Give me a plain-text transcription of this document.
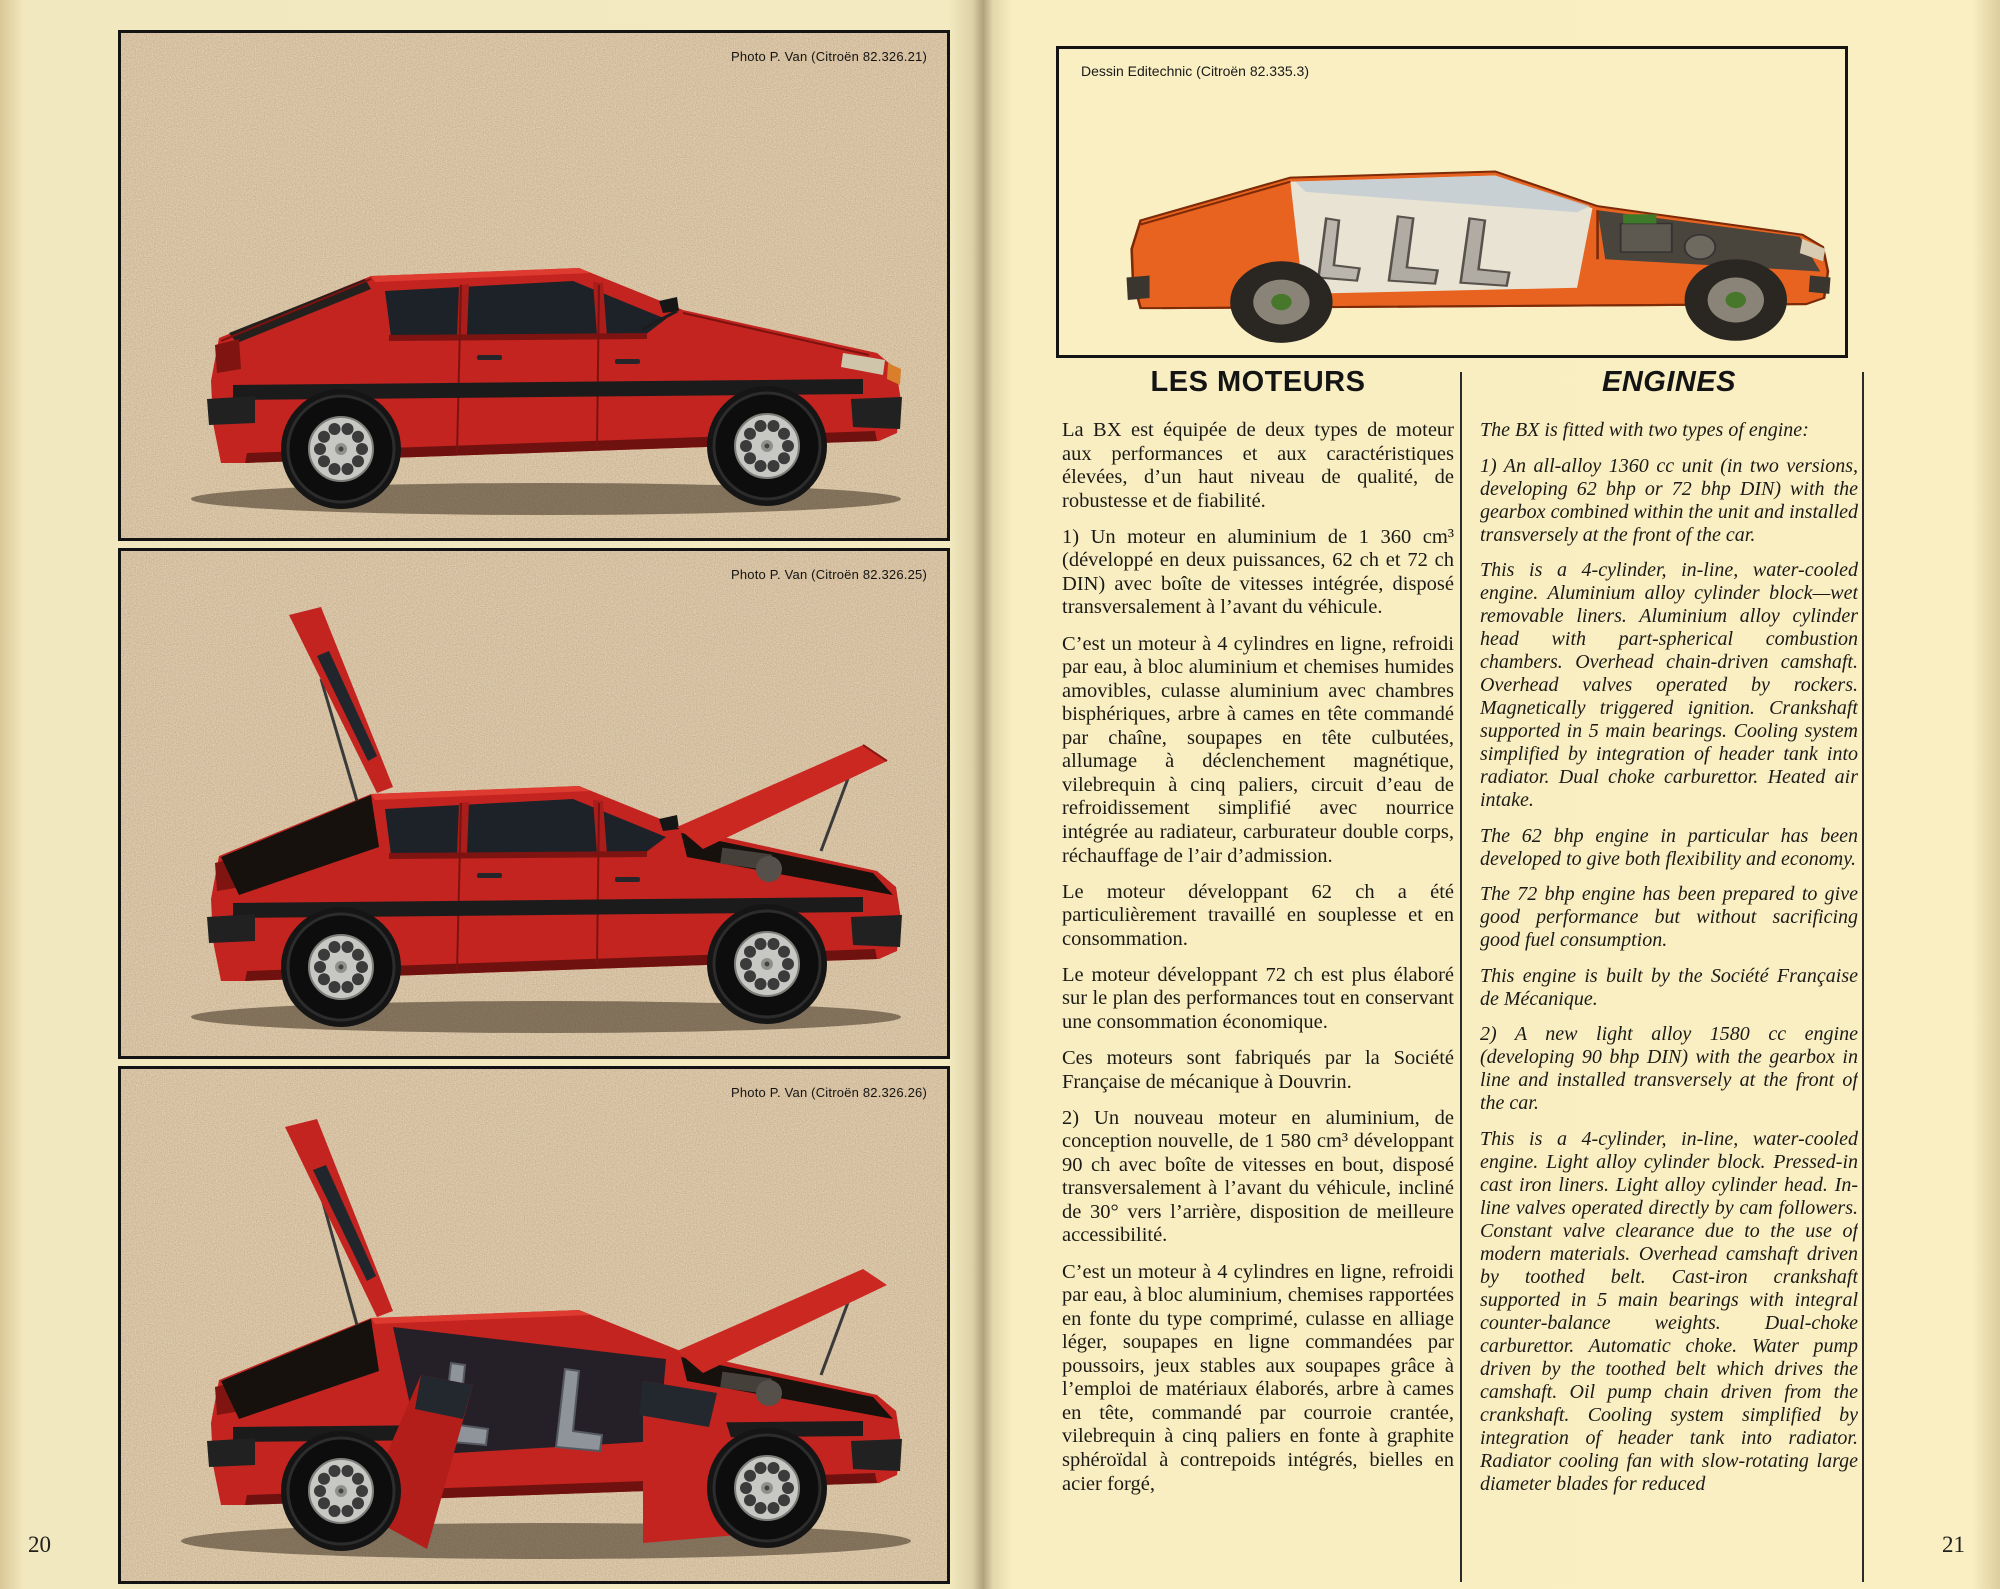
Photo P. Van (Citroën 82.326.21)
Photo P. Van (Citroën 82.326.25)
Photo P. Van (Citroën 82.326.26)
20
Dessin Editechnic (Citroën 82.335.3)
LES MOTEURS

La BX est équipée de deux types de moteur aux performances et aux caractéristiques élevées, d’un haut niveau de qualité, de robustesse et de fiabilité.

1) Un moteur en aluminium de 1 360 cm³ (développé en deux puissances, 62 ch et 72 ch DIN) avec boîte de vitesses intégrée, disposé transversalement à l’avant du véhicule.

C’est un moteur à 4 cylindres en ligne, refroidi par eau, à bloc aluminium et chemises humides amovibles, culasse aluminium avec chambres bisphériques, arbre à cames en tête commandé par chaîne, soupapes en tête culbutées, allumage à déclenchement magnétique, vilebrequin à cinq paliers, circuit d’eau de refroidissement simplifié avec nourrice intégrée au radiateur, carburateur double corps, réchauffage de l’air d’admission.

Le moteur développant 62 ch a été particulièrement travaillé en souplesse et en consommation.

Le moteur développant 72 ch est plus élaboré sur le plan des performances tout en conservant une consommation économique.

Ces moteurs sont fabriqués par la Société Française de mécanique à Douvrin.

2) Un nouveau moteur en aluminium, de conception nouvelle, de 1 580 cm³ développant 90 ch avec boîte de vitesses en bout, disposé transversalement à l’avant du véhicule, incliné de 30° vers l’arrière, disposition de meilleure accessibilité.

C’est un moteur à 4 cylindres en ligne, refroidi par eau, à bloc aluminium, chemises rapportées en fonte du type comprimé, culasse en alliage léger, soupapes en ligne commandées par poussoirs, jeux stables aux soupapes grâce à l’emploi de matériaux élaborés, arbre à cames en tête, commandé par courroie crantée, vilebrequin à cinq paliers en fonte à graphite sphéroïdal à contrepoids intégrés, bielles en acier forgé,

ENGINES

The BX is fitted with two types of engine:

1) An all-alloy 1360 cc unit (in two versions, developing 62 bhp or 72 bhp DIN) with the gearbox combined within the unit and installed transversely at the front of the car.

This is a 4-cylinder, in-line, water-cooled engine. Aluminium alloy cylinder block—wet removable liners. Aluminium alloy cylinder head with part-spherical combustion chambers. Overhead chain-driven camshaft. Overhead valves operated by rockers. Magnetically triggered ignition. Crankshaft supported in 5 main bearings. Cooling system simplified by integration of header tank into radiator. Dual choke carburettor. Heated air intake.

The 62 bhp engine in particular has been developed to give both flexibility and economy.

The 72 bhp engine has been prepared to give good performance but without sacrificing good fuel consumption.

This engine is built by the Société Française de Mécanique.

2) A new light alloy 1580 cc engine (developing 90 bhp DIN) with the gearbox in line and installed transversely at the front of the car.

This is a 4-cylinder, in-line, water-cooled engine. Light alloy cylinder block. Pressed-in cast iron liners. Light alloy cylinder head. In-line valves operated directly by cam followers. Constant valve clearance due to the use of modern materials. Overhead camshaft driven by toothed belt. Cast-iron crankshaft supported in 5 main bearings with integral counter-balance weights. Dual-choke carburettor. Automatic choke. Water pump driven by the toothed belt which drives the camshaft. Oil pump chain driven from the crankshaft. Cooling system simplified by integration of header tank into radiator. Radiator cooling fan with slow-rotating large diameter blades for reduced

21
